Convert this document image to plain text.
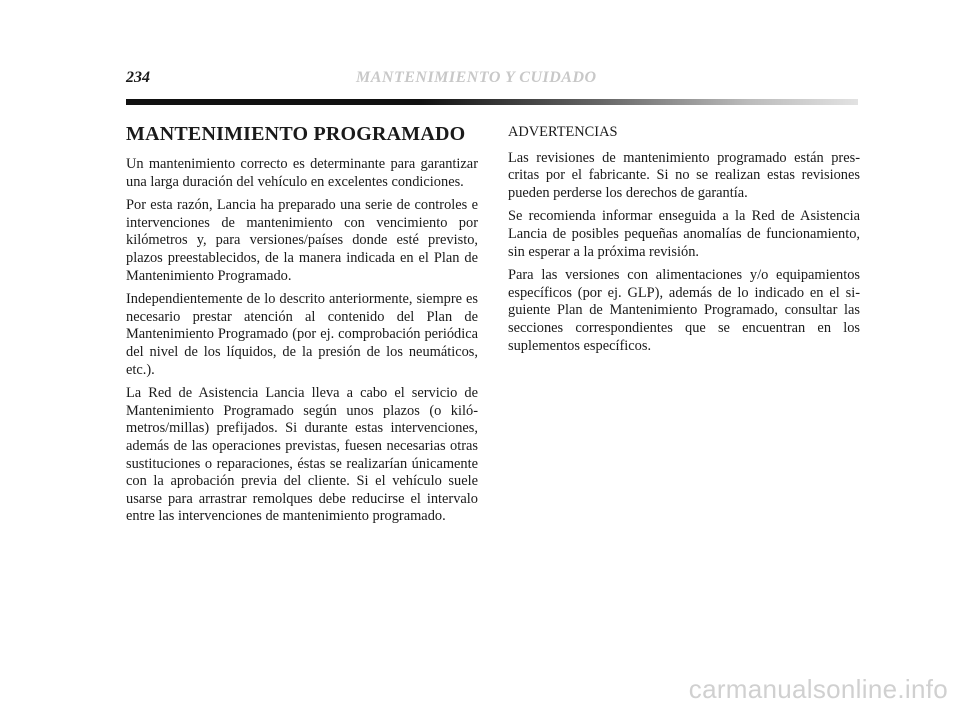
234	MANTENIMIENTO Y CUIDADO
MANTENIMIENTO PROGRAMADO

Un mantenimiento correcto es determinante para garantizar una larga duración del vehículo en excelentes condiciones.

Por esta razón, Lancia ha preparado una serie de controles e intervenciones de mantenimiento con vencimiento por kilómetros y, para versiones/países donde esté previsto, plazos preestablecidos, de la manera indicada en el Plan de Mantenimiento Programado.

Independientemente de lo descrito anteriormente, siempre es necesario prestar atención al contenido del Plan de Mantenimiento Programado (por ej. comprobación periódica del nivel de los líquidos, de la presión de los neumáticos, etc.).

La Red de Asistencia Lancia lleva a cabo el servicio de Mantenimiento Programado según unos plazos (o kilómetros/millas) prefijados. Si durante estas intervenciones, además de las operaciones previstas, fuesen necesarias otras sustituciones o reparaciones, éstas se realizarían únicamente con la aprobación previa del cliente. Si el vehículo suele usarse para arrastrar remolques debe reducirse el intervalo entre las intervenciones de mantenimiento programado.

ADVERTENCIAS

Las revisiones de mantenimiento programado están prescritas por el fabricante. Si no se realizan estas revisiones pueden perderse los derechos de garantía.

Se recomienda informar enseguida a la Red de Asistencia Lancia de posibles pequeñas anomalías de funcionamiento, sin esperar a la próxima revisión.

Para las versiones con alimentaciones y/o equipamientos específicos (por ej. GLP), además de lo indicado en el siguiente Plan de Mantenimiento Programado, consultar las secciones correspondientes que se encuentran en los suplementos específicos.

carmanualsonline.info
